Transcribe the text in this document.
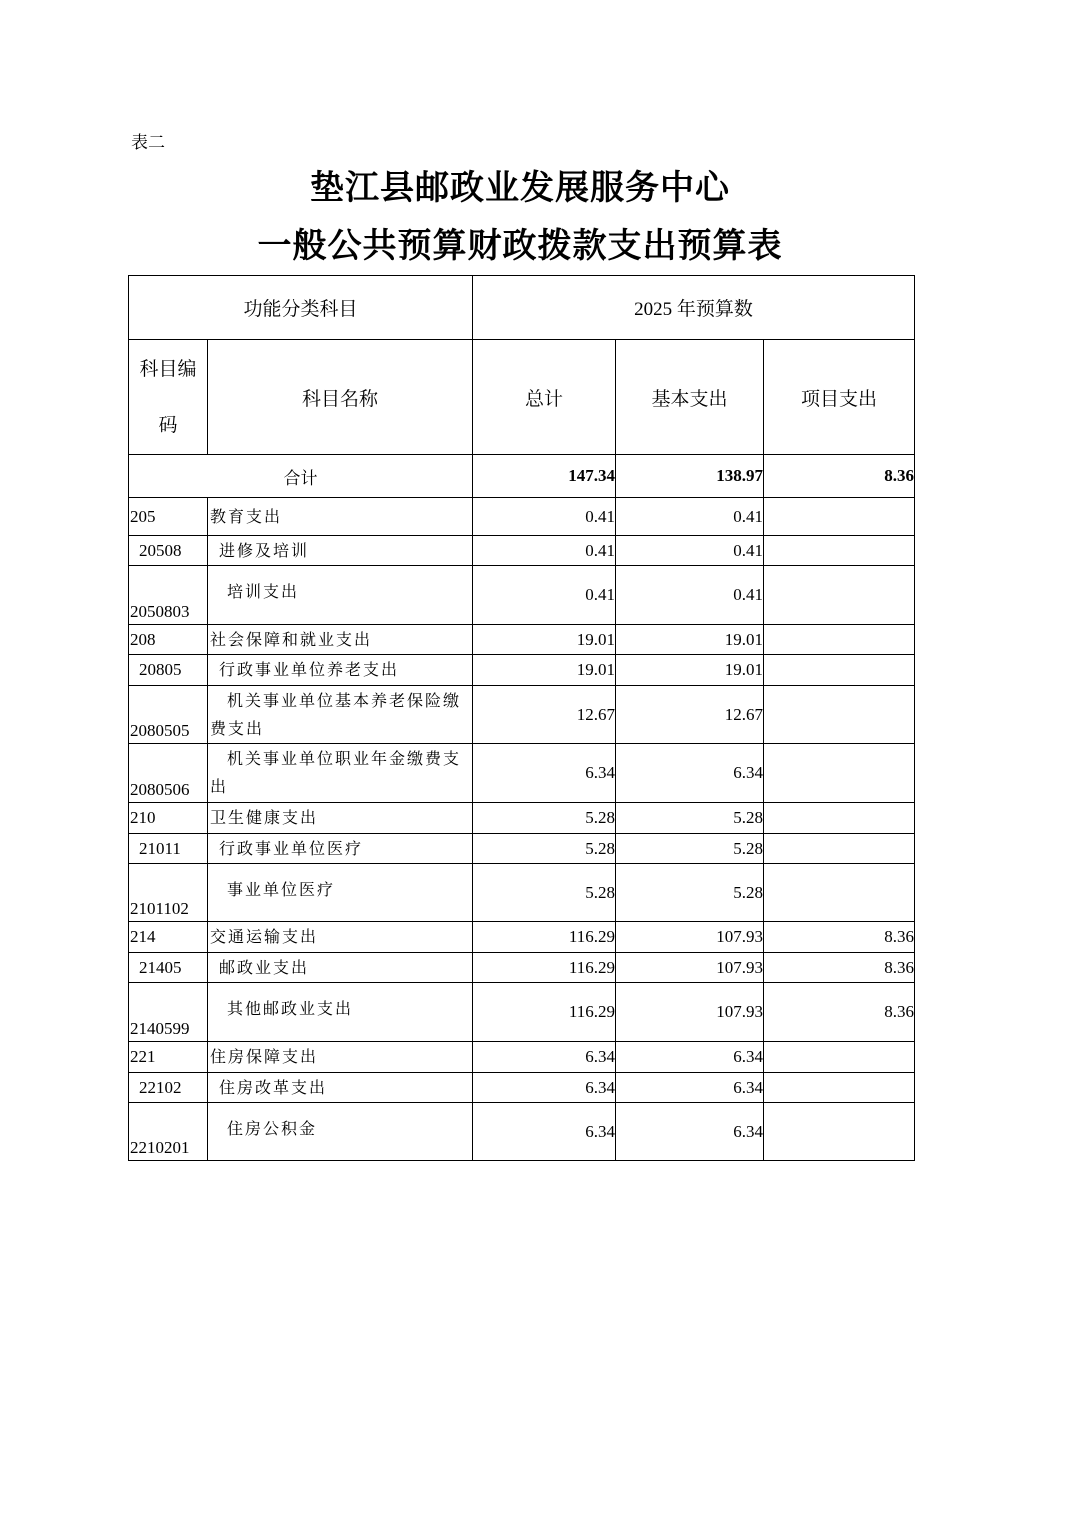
表二
垫江县邮政业发展服务中心
一般公共预算财政拨款支出预算表
功能分类科目		2025 年预算数		
科目编码	科目名称	总计	基本支出	项目支出
合计		147.34	138.97	8.36
205	教育支出	0.41	0.41	
20508	进修及培训	0.41	0.41	
2050803	培训支出	0.41	0.41	
208	社会保障和就业支出	19.01	19.01	
20805	行政事业单位养老支出	19.01	19.01	
2080505	机关事业单位基本养老保险缴费支出	12.67	12.67	
2080506	机关事业单位职业年金缴费支出	6.34	6.34	
210	卫生健康支出	5.28	5.28	
21011	行政事业单位医疗	5.28	5.28	
2101102	事业单位医疗	5.28	5.28	
214	交通运输支出	116.29	107.93	8.36
21405	邮政业支出	116.29	107.93	8.36
2140599	其他邮政业支出	116.29	107.93	8.36
221	住房保障支出	6.34	6.34	
22102	住房改革支出	6.34	6.34	
2210201	住房公积金	6.34	6.34	
